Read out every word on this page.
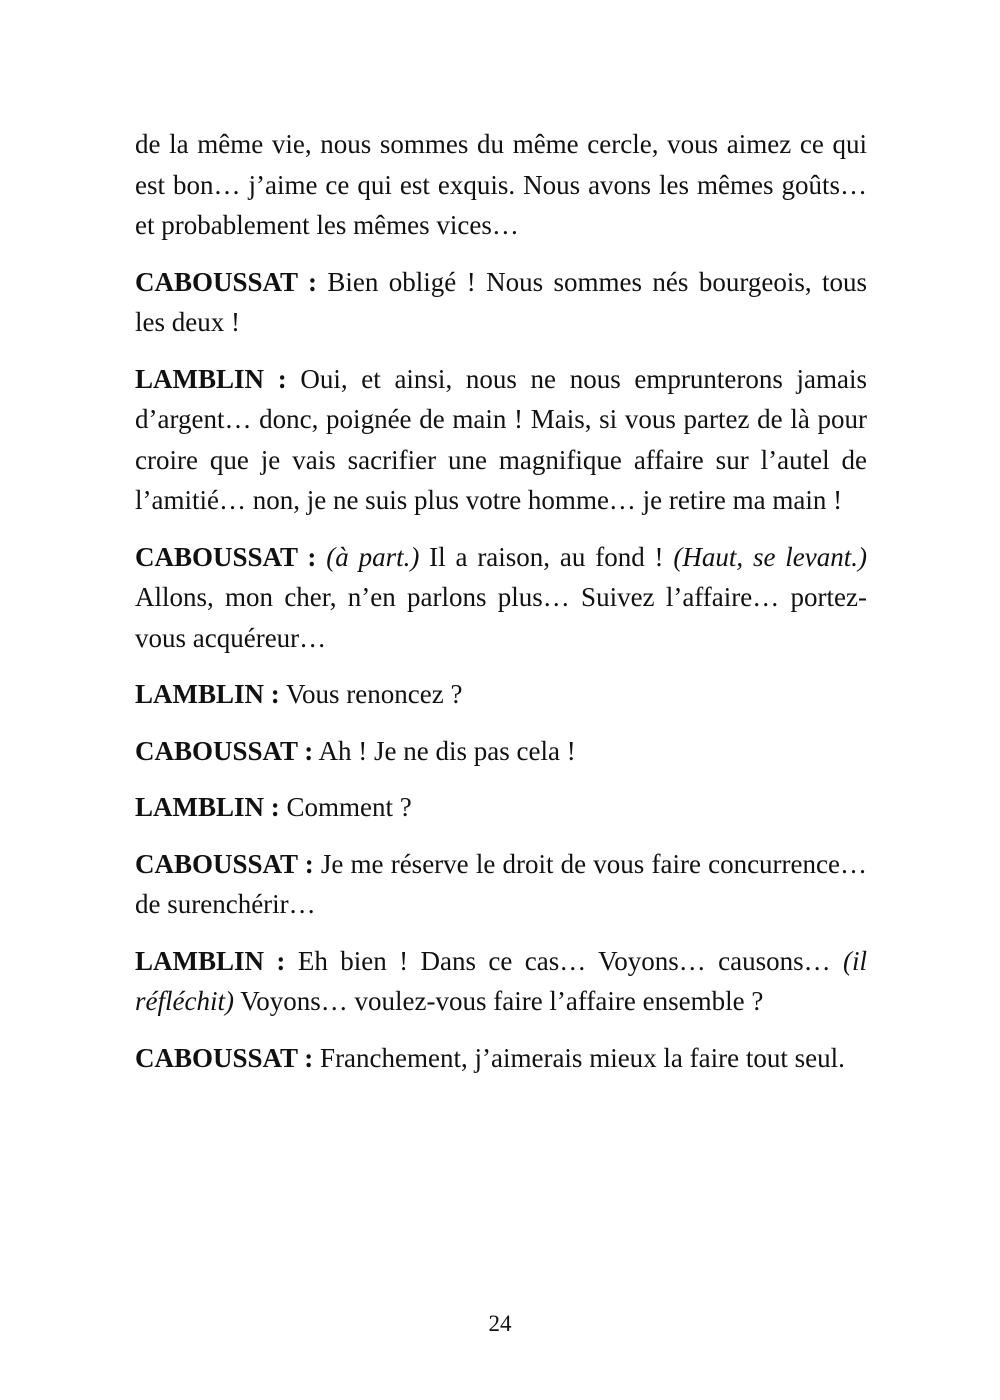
de la même vie, nous sommes du même cercle, vous aimez ce qui est bon… j’aime ce qui est exquis. Nous avons les mêmes goûts… et probablement les mêmes vices…

CABOUSSAT : Bien obligé ! Nous sommes nés bourgeois, tous les deux !

LAMBLIN : Oui, et ainsi, nous ne nous emprunterons jamais d’argent… donc, poignée de main ! Mais, si vous partez de là pour croire que je vais sacrifier une magnifique affaire sur l’autel de l’amitié… non, je ne suis plus votre homme… je retire ma main !

CABOUSSAT : (à part.) Il a raison, au fond ! (Haut, se levant.) Allons, mon cher, n’en parlons plus… Suivez l’affaire… portez-vous acquéreur…

LAMBLIN : Vous renoncez ?

CABOUSSAT : Ah ! Je ne dis pas cela !

LAMBLIN : Comment ?

CABOUSSAT : Je me réserve le droit de vous faire concurrence… de surenchérir…

LAMBLIN : Eh bien ! Dans ce cas… Voyons… causons… (il réfléchit) Voyons… voulez-vous faire l’affaire ensemble ?

CABOUSSAT : Franchement, j’aimerais mieux la faire tout seul.

24
